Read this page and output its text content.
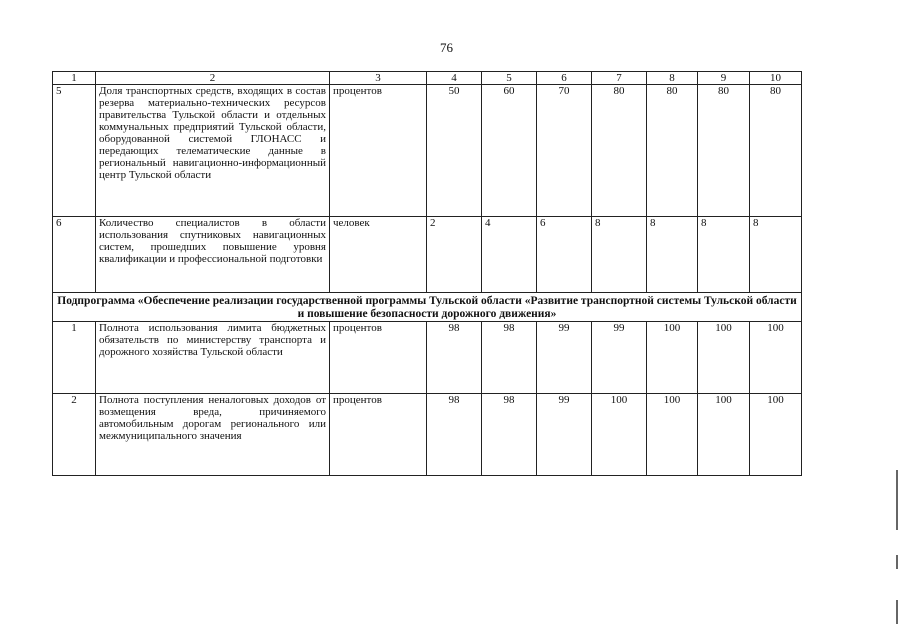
76
1	2	3	4	5	6	7	8	9	10
5	Доля транспортных средств, входящих в состав резерва материально-технических ресурсов правительства Тульской области и отдельных коммунальных предприятий Тульской области, оборудованной системой ГЛОНАСС и передающих телематические данные в региональный навигационно-информационный центр Тульской области	процентов	50	60	70	80	80	80	80
6	Количество специалистов в области использования спутниковых навигационных систем, прошедших повышение уровня квалификации и профессиональной подготовки	человек	2	4	6	8	8	8	8
Подпрограмма «Обеспечение реализации государственной программы Тульской области «Развитие транспортной системы Тульской области и повышение безопасности дорожного движения»									
1	Полнота использования лимита бюджетных обязательств по министерству транспорта и дорожного хозяйства Тульской области	процентов	98	98	99	99	100	100	100
2	Полнота поступления неналоговых доходов от возмещения вреда, причиняемого автомобильным дорогам регионального или межмуниципального значения	процентов	98	98	99	100	100	100	100
